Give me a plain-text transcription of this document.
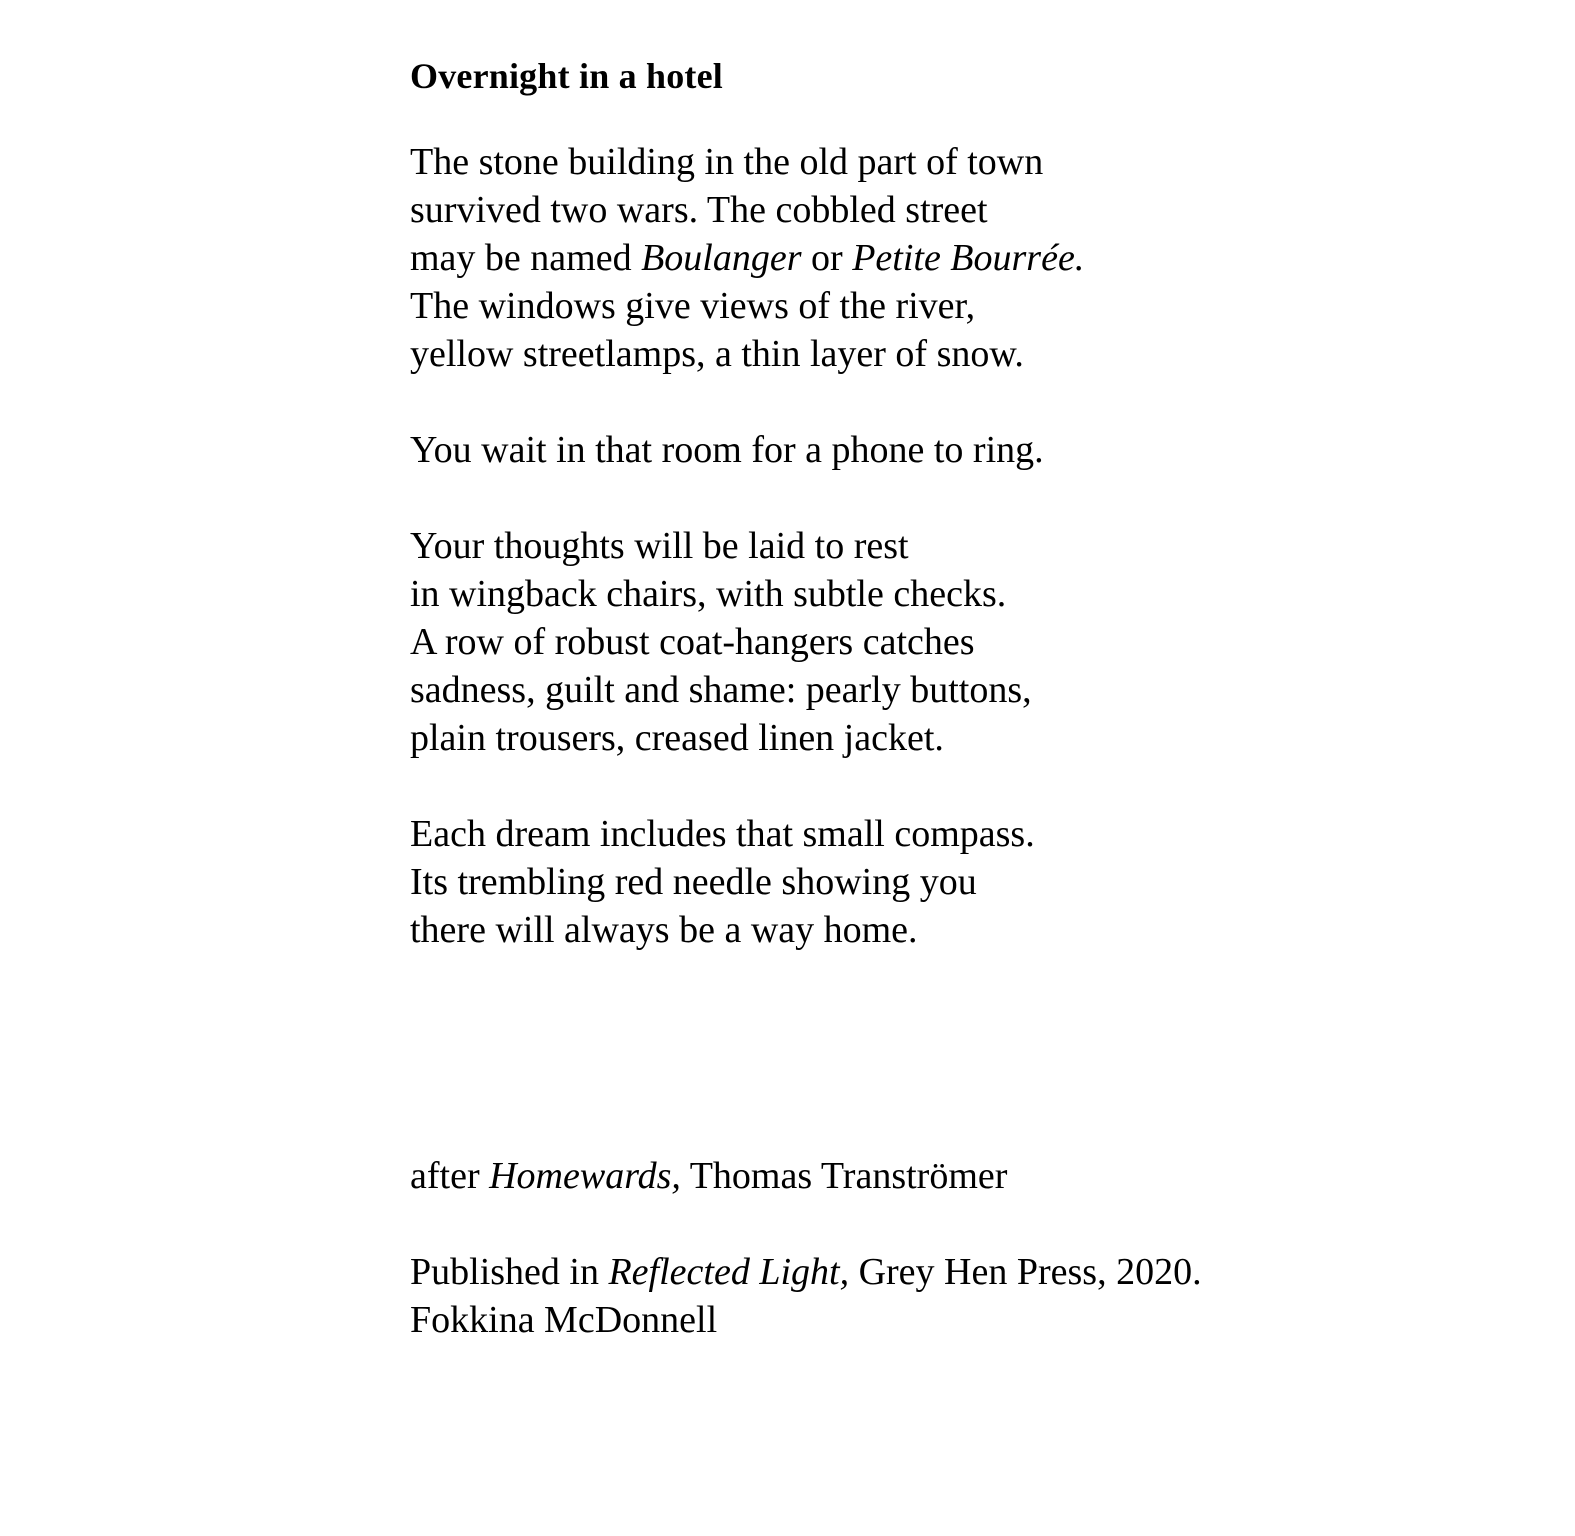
Overnight in a hotel
The stone building in the old part of town
survived two wars. The cobbled street
may be named Boulanger or Petite Bourrée.
The windows give views of the river,
yellow streetlamps, a thin layer of snow.
You wait in that room for a phone to ring.
Your thoughts will be laid to rest
in wingback chairs, with subtle checks.
A row of robust coat-hangers catches
sadness, guilt and shame: pearly buttons,
plain trousers, creased linen jacket.
Each dream includes that small compass.
Its trembling red needle showing you
there will always be a way home.
after Homewards, Thomas Tranströmer
Published in Reflected Light, Grey Hen Press, 2020.
Fokkina McDonnell
